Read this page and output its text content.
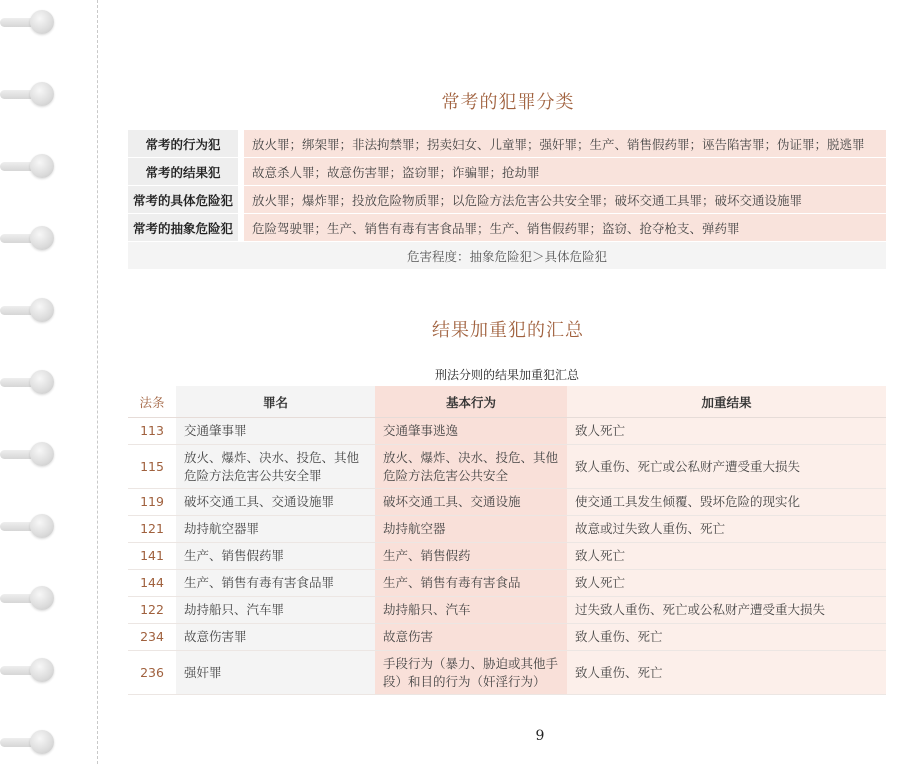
常考的犯罪分类
常考的行为犯	放火罪；绑架罪；非法拘禁罪；拐卖妇女、儿童罪；强奸罪；生产、销售假药罪；诬告陷害罪；伪证罪；脱逃罪
常考的结果犯	故意杀人罪；故意伤害罪；盗窃罪；诈骗罪；抢劫罪
常考的具体危险犯	放火罪；爆炸罪；投放危险物质罪；以危险方法危害公共安全罪；破坏交通工具罪；破坏交通设施罪
常考的抽象危险犯	危险驾驶罪；生产、销售有毒有害食品罪；生产、销售假药罪；盗窃、抢夺枪支、弹药罪
危害程度：抽象危险犯＞具体危险犯	
结果加重犯的汇总
刑法分则的结果加重犯汇总
法条	罪名	基本行为	加重结果
113	交通肇事罪	交通肇事逃逸	致人死亡
115	放火、爆炸、决水、投危、其他危险方法危害公共安全罪	放火、爆炸、决水、投危、其他危险方法危害公共安全	致人重伤、死亡或公私财产遭受重大损失
119	破坏交通工具、交通设施罪	破坏交通工具、交通设施	使交通工具发生倾覆、毁坏危险的现实化
121	劫持航空器罪	劫持航空器	故意或过失致人重伤、死亡
141	生产、销售假药罪	生产、销售假药	致人死亡
144	生产、销售有毒有害食品罪	生产、销售有毒有害食品	致人死亡
122	劫持船只、汽车罪	劫持船只、汽车	过失致人重伤、死亡或公私财产遭受重大损失
234	故意伤害罪	故意伤害	致人重伤、死亡
236	强奸罪	手段行为（暴力、胁迫或其他手段）和目的行为（奸淫行为）	致人重伤、死亡
9
